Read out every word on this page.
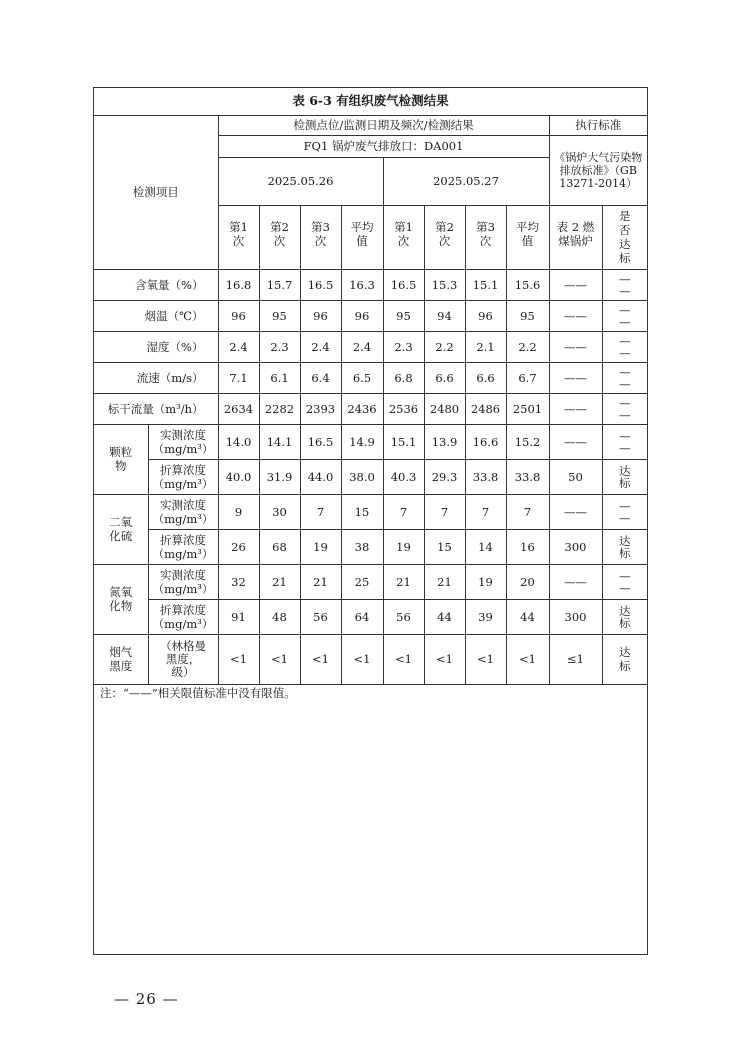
表 6-3 有组织废气检测结果
检测项目		检测点位/监测日期及频次/检测结果								执行标准	
		FQ1 锅炉废气排放口：DA001								《锅炉大气污染物排放标准》（GB 13271-2014）	
		2025.05.26				2025.05.27					
		第1
次	第2
次	第3
次	平均
值	第1
次	第2
次	第3
次	平均
值	表 2 燃
煤锅炉	是
否
达
标
含氧量（%）		16.8	15.7	16.5	16.3	16.5	15.3	15.1	15.6	——	—
—
烟温（℃）		96	95	96	96	95	94	96	95	——	—
—
湿度（%）		2.4	2.3	2.4	2.4	2.3	2.2	2.1	2.2	——	—
—
流速（m/s）		7.1	6.1	6.4	6.5	6.8	6.6	6.6	6.7	——	—
—
标干流量（m³/h）		2634	2282	2393	2436	2536	2480	2486	2501	——	—
—
颗粒
物	实测浓度
（mg/m³）	14.0	14.1	16.5	14.9	15.1	13.9	16.6	15.2	——	—
—
	折算浓度
（mg/m³）	40.0	31.9	44.0	38.0	40.3	29.3	33.8	33.8	50	达
标
二氧
化硫	实测浓度
（mg/m³）	9	30	7	15	7	7	7	7	——	—
—
	折算浓度
（mg/m³）	26	68	19	38	19	15	14	16	300	达
标
氮氧
化物	实测浓度
（mg/m³）	32	21	21	25	21	21	19	20	——	—
—
	折算浓度
（mg/m³）	91	48	56	64	56	44	39	44	300	达
标
烟气
黑度	（林格曼
黑度，
级）	<1	<1	<1	<1	<1	<1	<1	<1	≤1	达
标
注：“——”相关限值标准中没有限值。
— 26 —
